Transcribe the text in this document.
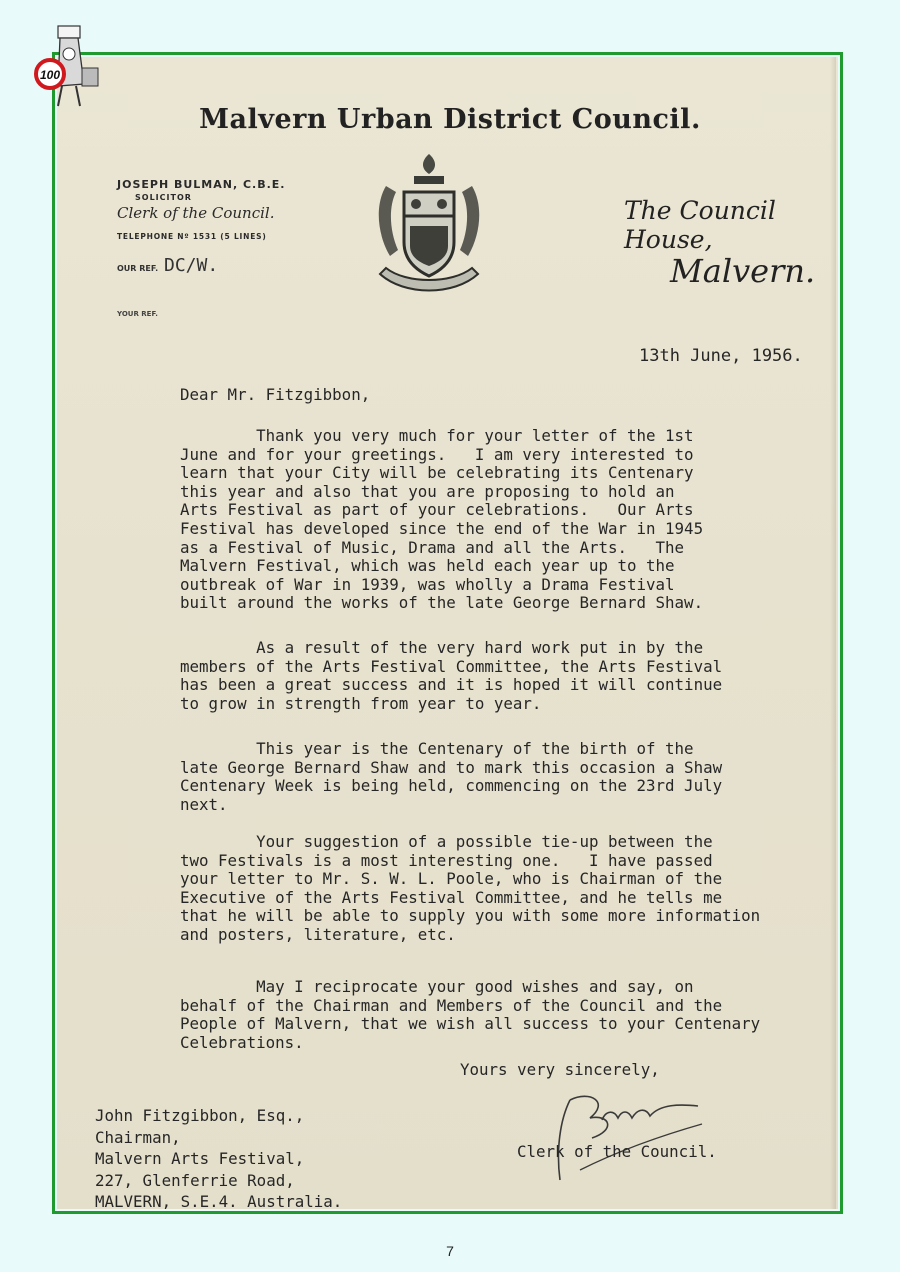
100
Malvern Urban District Council.
JOSEPH BULMAN, C.B.E.
SOLICITOR
Clerk of the Council.
TELEPHONE Nº 1531 (5 LINES)
OUR REF. DC/W.
YOUR REF.
The Council House,
Malvern.
13th June, 1956.
Dear Mr. Fitzgibbon,
Thank you very much for your letter of the 1st
June and for your greetings.   I am very interested to
learn that your City will be celebrating its Centenary
this year and also that you are proposing to hold an
Arts Festival as part of your celebrations.   Our Arts
Festival has developed since the end of the War in 1945
as a Festival of Music, Drama and all the Arts.   The
Malvern Festival, which was held each year up to the
outbreak of War in 1939, was wholly a Drama Festival
built around the works of the late George Bernard Shaw.
As a result of the very hard work put in by the
members of the Arts Festival Committee, the Arts Festival
has been a great success and it is hoped it will continue
to grow in strength from year to year.
This year is the Centenary of the birth of the
late George Bernard Shaw and to mark this occasion a Shaw
Centenary Week is being held, commencing on the 23rd July
next.
Your suggestion of a possible tie-up between the
two Festivals is a most interesting one.   I have passed
your letter to Mr. S. W. L. Poole, who is Chairman of the
Executive of the Arts Festival Committee, and he tells me
that he will be able to supply you with some more information
and posters, literature, etc.
May I reciprocate your good wishes and say, on
behalf of the Chairman and Members of the Council and the
People of Malvern, that we wish all success to your Centenary
Celebrations.
Yours very sincerely,
Clerk of the Council.
John Fitzgibbon, Esq.,
Chairman,
Malvern Arts Festival,
227, Glenferrie Road,
MALVERN, S.E.4. Australia.
7
